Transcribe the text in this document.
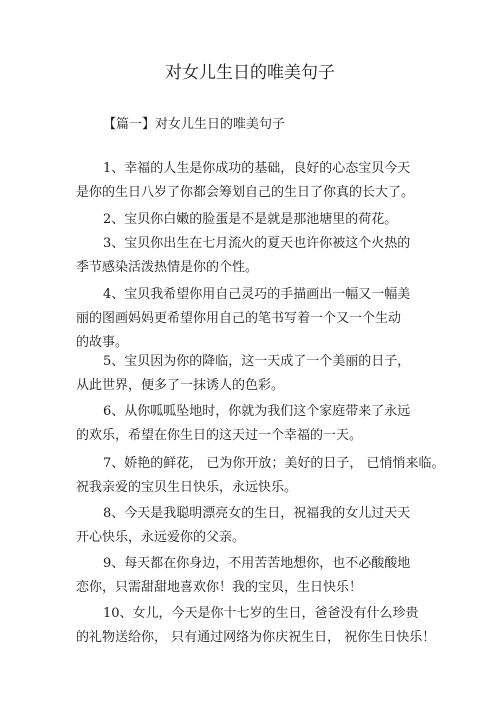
对女儿生日的唯美句子
【篇一】对女儿生日的唯美句子
1、幸福的人生是你成功的基础，良好的心态宝贝今天
是你的生日八岁了你都会筹划自己的生日了你真的长大了。
2、宝贝你白嫩的脸蛋是不是就是那池塘里的荷花。
3、宝贝你出生在七月流火的夏天也许你被这个火热的
季节感染活泼热情是你的个性。
4、宝贝我希望你用自己灵巧的手描画出一幅又一幅美
丽的图画妈妈更希望你用自己的笔书写着一个又一个生动
的故事。
5、宝贝因为你的降临，这一天成了一个美丽的日子，
从此世界，便多了一抹诱人的色彩。
6、从你呱呱坠地时，你就为我们这个家庭带来了永远
的欢乐，希望在你生日的这天过一个幸福的一天。
7、娇艳的鲜花， 已为你开放；美好的日子， 已悄悄来临。
祝我亲爱的宝贝生日快乐，永远快乐。
8、今天是我聪明漂亮女的生日，祝福我的女儿过天天
开心快乐，永远爱你的父亲。
9、每天都在你身边，不用苦苦地想你，也不必酸酸地
恋你，只需甜甜地喜欢你！我的宝贝，生日快乐！
10、女儿，今天是你十七岁的生日，爸爸没有什么珍贵
的礼物送给你， 只有通过网络为你庆祝生日， 祝你生日快乐！
